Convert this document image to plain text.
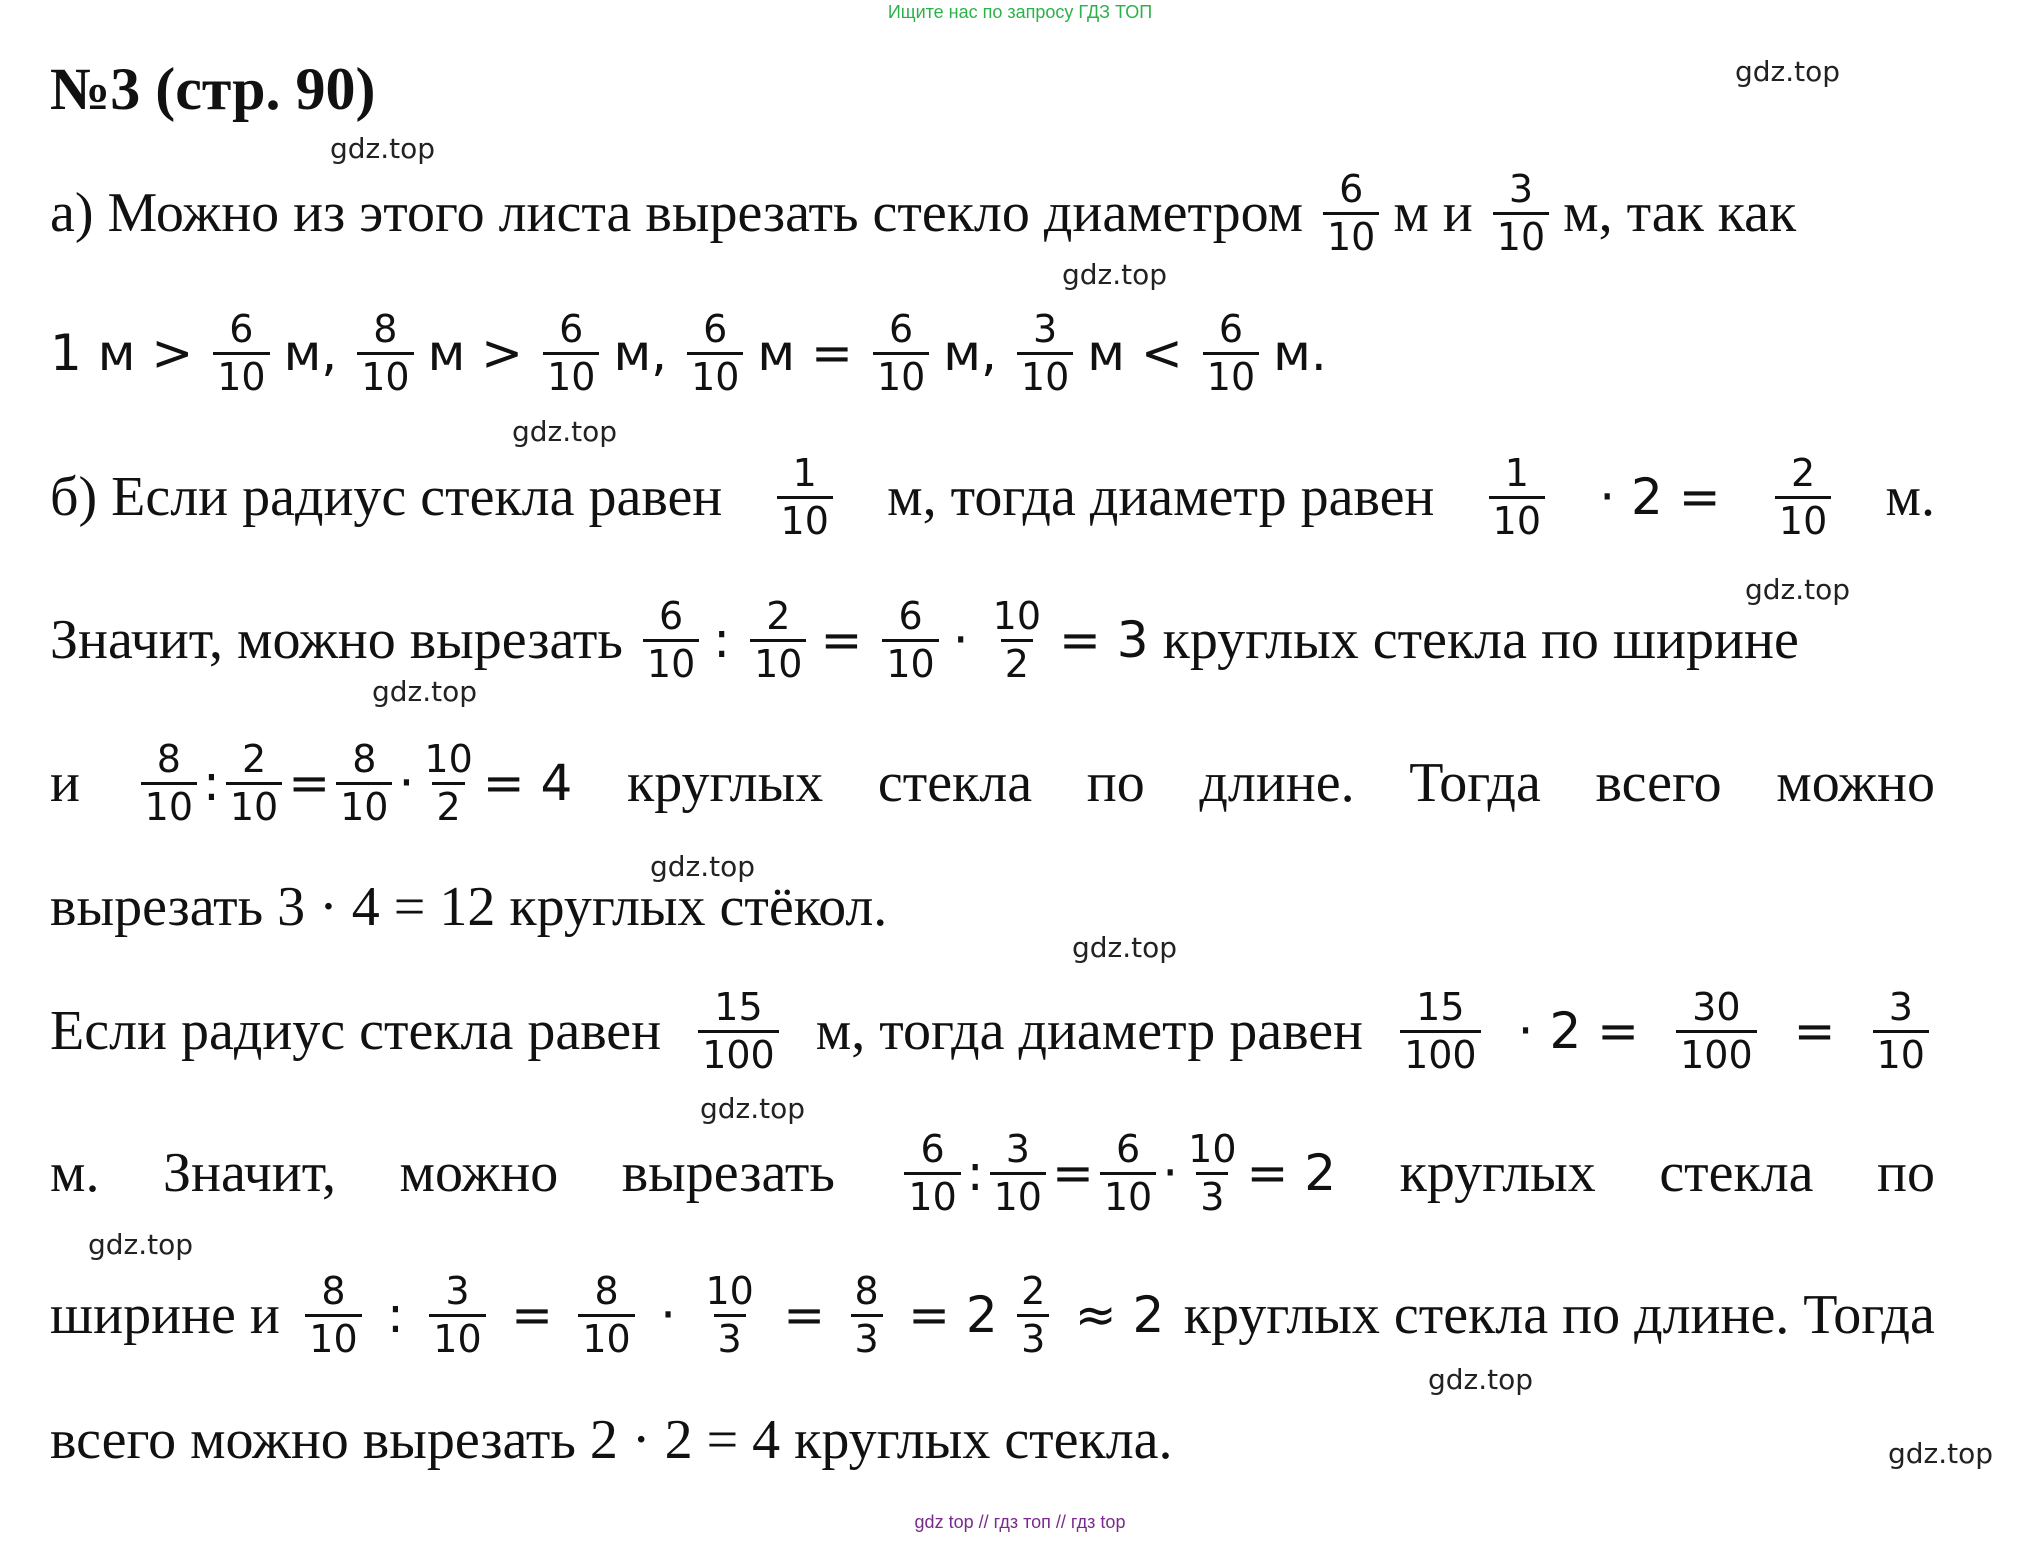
Ищите нас по запросу ГДЗ ТОП
№3 (стр. 90)	gdz.top
gdz.top
gdz.top
gdz.top
gdz.top
gdz.top
gdz.top
gdz.top
gdz.top
gdz.top
gdz.top
gdz.top
а) Можно из этого листа вырезать стекло диаметром $\frac{6}{10}$ м и $\frac{3}{10} м$, так как
1 $м > \frac{6}{10} м$, $\frac{8}{10}$ $м > \frac{6}{10} м$, $\frac{6}{10}$ $м = \frac{6}{10} м$, $\frac{3}{10}$ $м < \frac{6}{10} м$.
б) Если радиус стекла равен $\frac{1}{10} м$, тогда диаметр равен $\frac{1}{10} \cdot 2 = \frac{2}{10} м$.
Значит, можно вырезать $\frac{6}{10}$ : $\frac{2}{10} = \frac{6}{10} \cdot \frac{10}{2} = 3$ круглых стекла по ширине
и $\frac{8}{10}$ : $\frac{2}{10} = \frac{8}{10} \cdot \frac{10}{2} = 4$ круглых стекла по длине. Тогда всего можно
вырезать 3 · 4 = 12 круглых стёкол.
Если радиус стекла равен $\frac{15}{100} м$, тогда диаметр равен $\frac{15}{100} \cdot 2 = \frac{30}{100} = \frac{3}{10}$
м. Значит, можно вырезать $\frac{6}{10}$ : $\frac{3}{10} = \frac{6}{10} \cdot \frac{10}{3} = 2$ круглых стекла по
ширине и $\frac{8}{10}$ : $\frac{3}{10} = \frac{8}{10} \cdot \frac{10}{3} = \frac{8}{3} = 2 \frac{2}{3} \approx 2$ круглых стекла по длине. Тогда
всего можно вырезать 2 · 2 = 4 круглых стекла.
gdz top // гдз топ // гдз top
